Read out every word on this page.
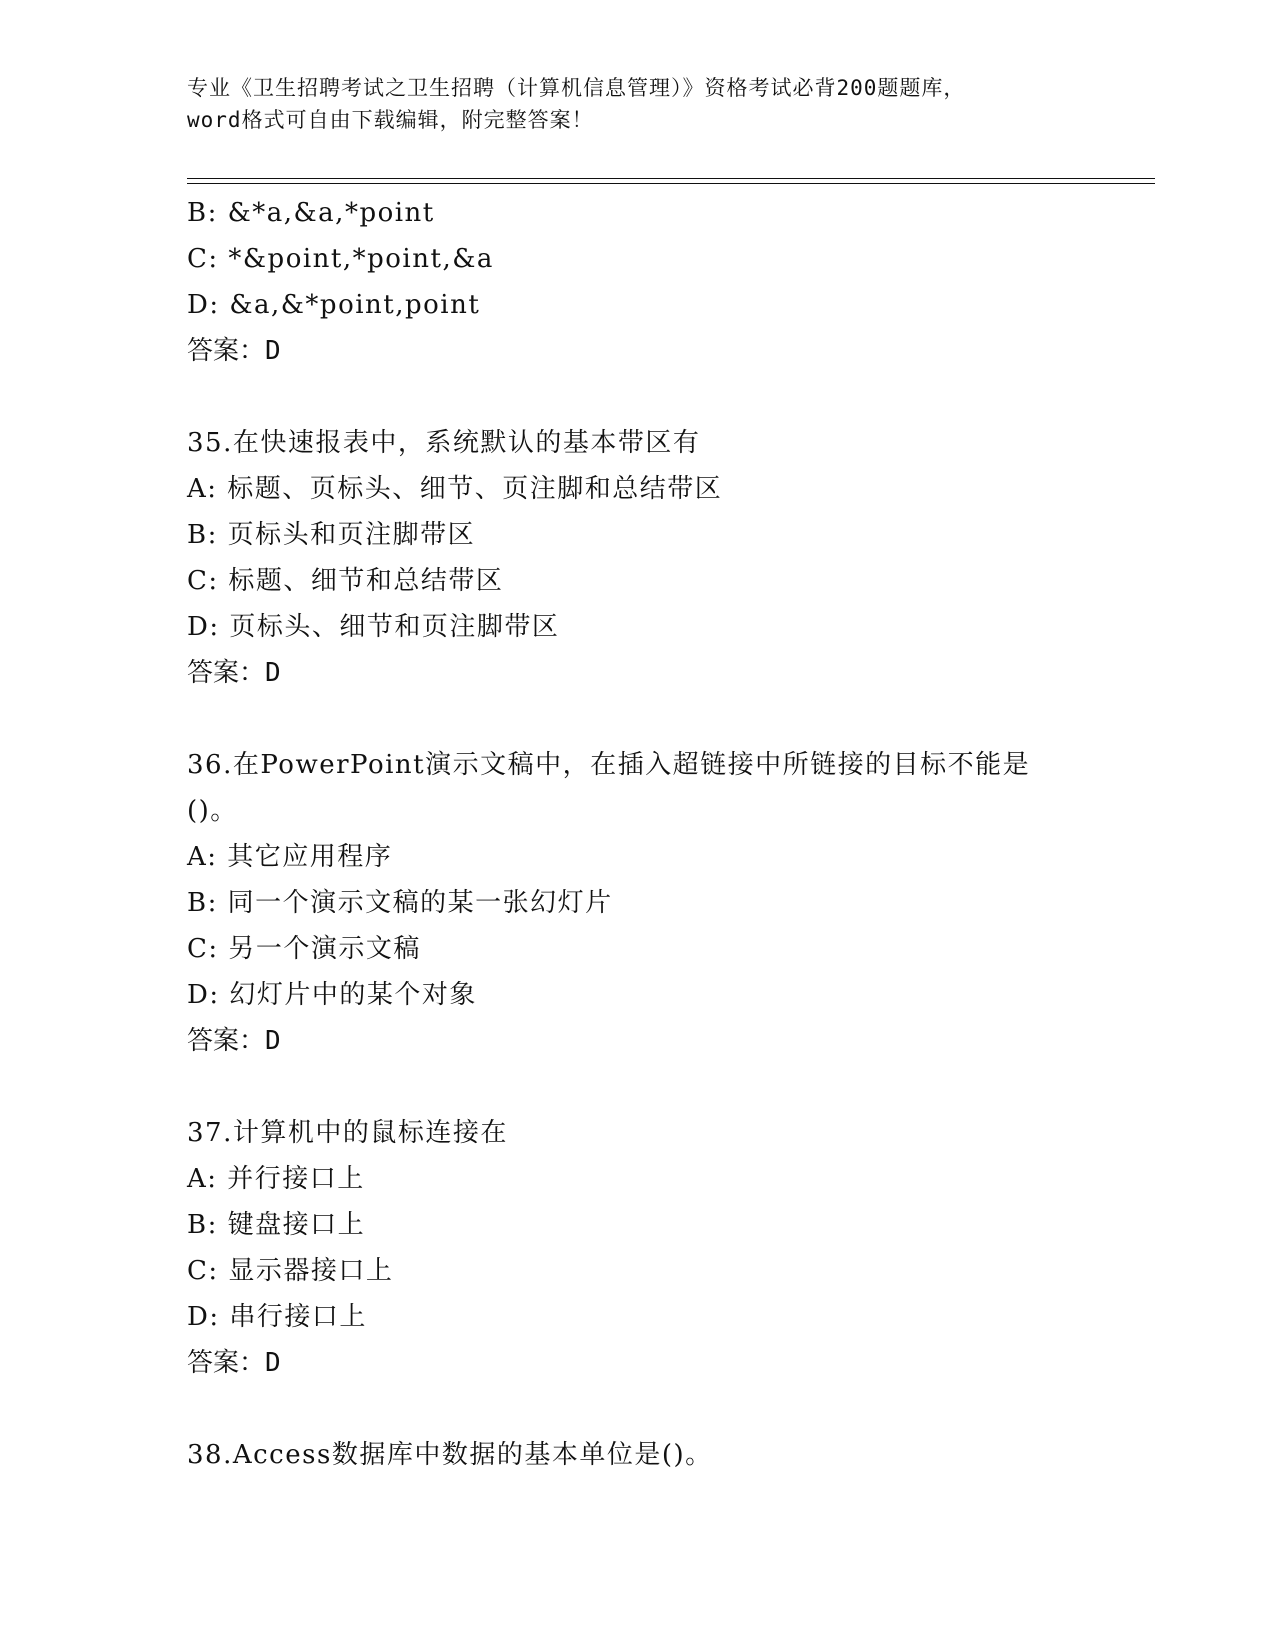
专业《卫生招聘考试之卫生招聘（计算机信息管理）》资格考试必背200题题库，
word格式可自由下载编辑，附完整答案！
B: &*a,&a,*point
C: *&point,*point,&a
D: &a,&*point,point
答案：D
35.在快速报表中，系统默认的基本带区有
A: 标题、页标头、细节、页注脚和总结带区
B: 页标头和页注脚带区
C: 标题、细节和总结带区
D: 页标头、细节和页注脚带区
答案：D
36.在PowerPoint演示文稿中，在插入超链接中所链接的目标不能是
()。
A: 其它应用程序
B: 同一个演示文稿的某一张幻灯片
C: 另一个演示文稿
D: 幻灯片中的某个对象
答案：D
37.计算机中的鼠标连接在
A: 并行接口上
B: 键盘接口上
C: 显示器接口上
D: 串行接口上
答案：D
38.Access数据库中数据的基本单位是()。
